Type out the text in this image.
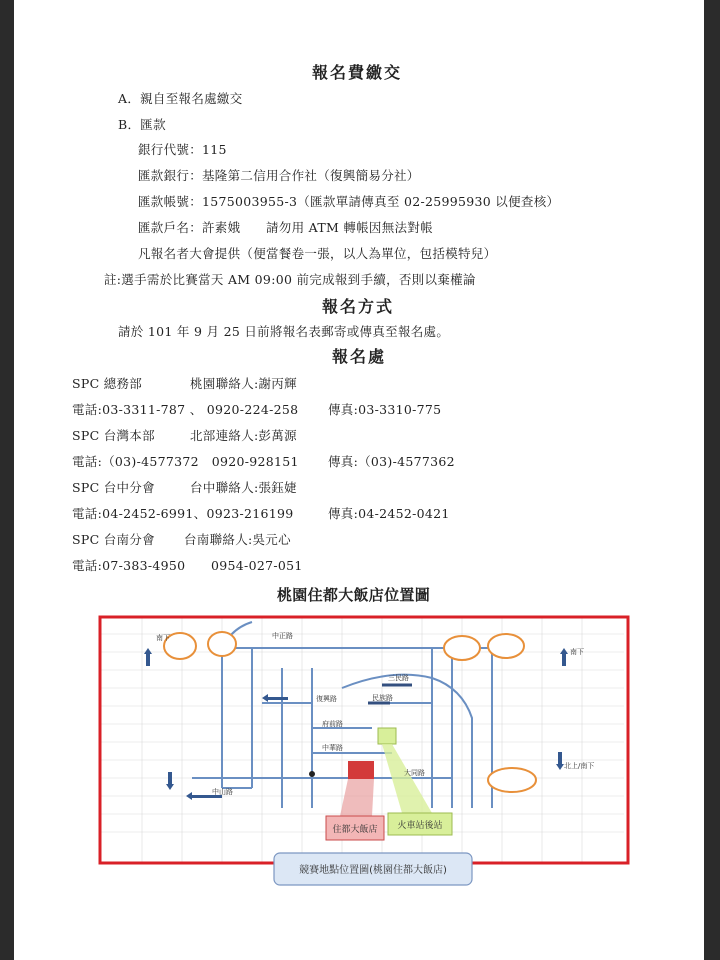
報名費繳交
A．親自至報名處繳交
B．匯款
銀行代號：115
匯款銀行：基隆第二信用合作社（復興簡易分社）
匯款帳號：1575003955-3（匯款單請傳真至 02-25995930 以便查核）
匯款戶名：許素娥　　請勿用 ATM 轉帳因無法對帳
凡報名者大會提供（便當餐卷一張，以人為單位，包括模特兒）
註:選手需於比賽當天 AM 09:00 前完成報到手續，否則以棄權論
報名方式
請於 101 年 9 月 25 日前將報名表郵寄或傳真至報名處。
報名處
SPC 總務部	桃園聯絡人:謝丙輝
電話:03-3311-787 、 0920-224-258 傳真:03-3310-775
SPC 台灣本部	北部連絡人:彭萬源
電話:（03)-4577372　0920-928151 傳真:（03)-4577362
SPC 台中分會	台中聯絡人:張鈺婕
電話:04-2452-6991、0923-216199	傳真:04-2452-0421
SPC 台南分會 台南聯絡人:吳元心
電話:07-383-4950　　0954-027-051
桃園住都大飯店位置圖
住都大飯店 火車站後站
南下
南下
北上/南下
中正路
民族路
三民路
復興路
中山路
中華路
大同路
府前路
競賽地點位置圖(桃園住都大飯店)
